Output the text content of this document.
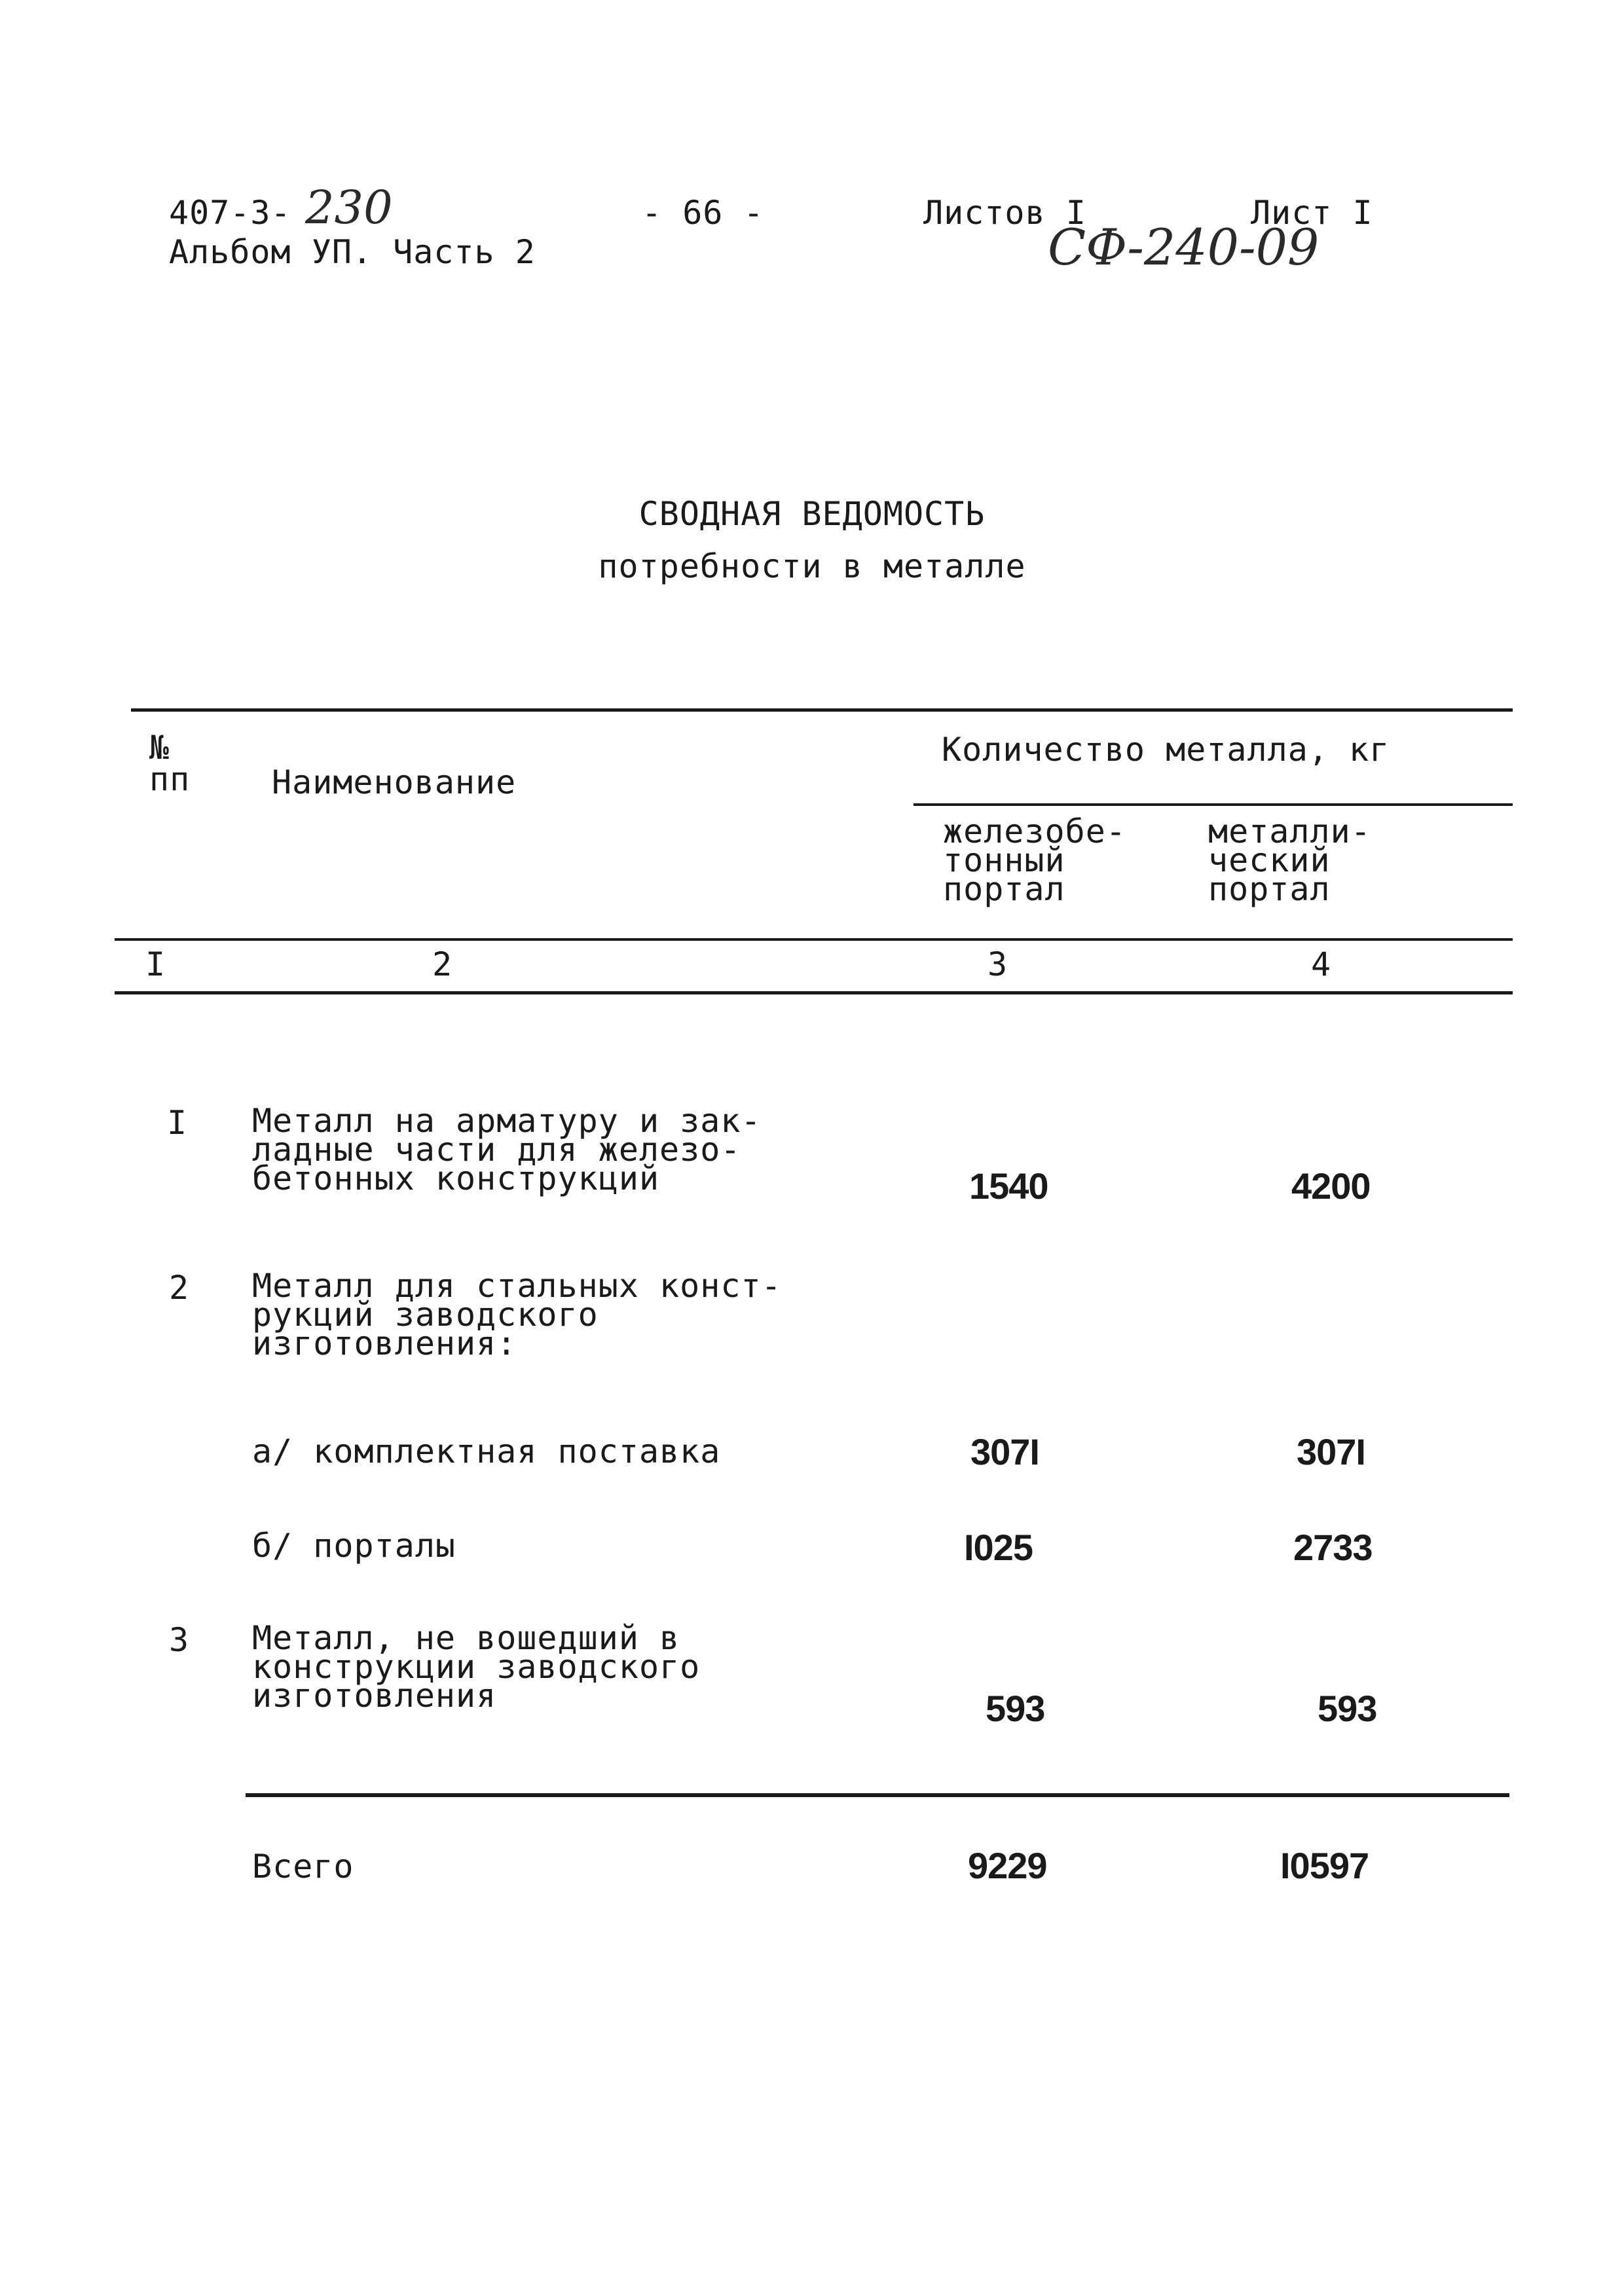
407-3- 230
Альбом УП. Часть 2
- 66 -	Листов I	Лист I
СФ-240-09
СВОДНАЯ ВЕДОМОСТЬ
потребности в металле
№
пп Наименование
Количество металла, кг
железобе-
тонный
портал
металли-
ческий
портал
I	2	3	4
I Металл на арматуру и зак-
ладные части для железо-
бетонных конструкций	1540	4200
2 Металл для стальных конст-
рукций заводского
изготовления:
а/ комплектная поставка	307I	307I
б/ порталы	I025	2733
3 Металл, не вошедший в
конструкции заводского
изготовления	593	593
Всего	9229	I0597
